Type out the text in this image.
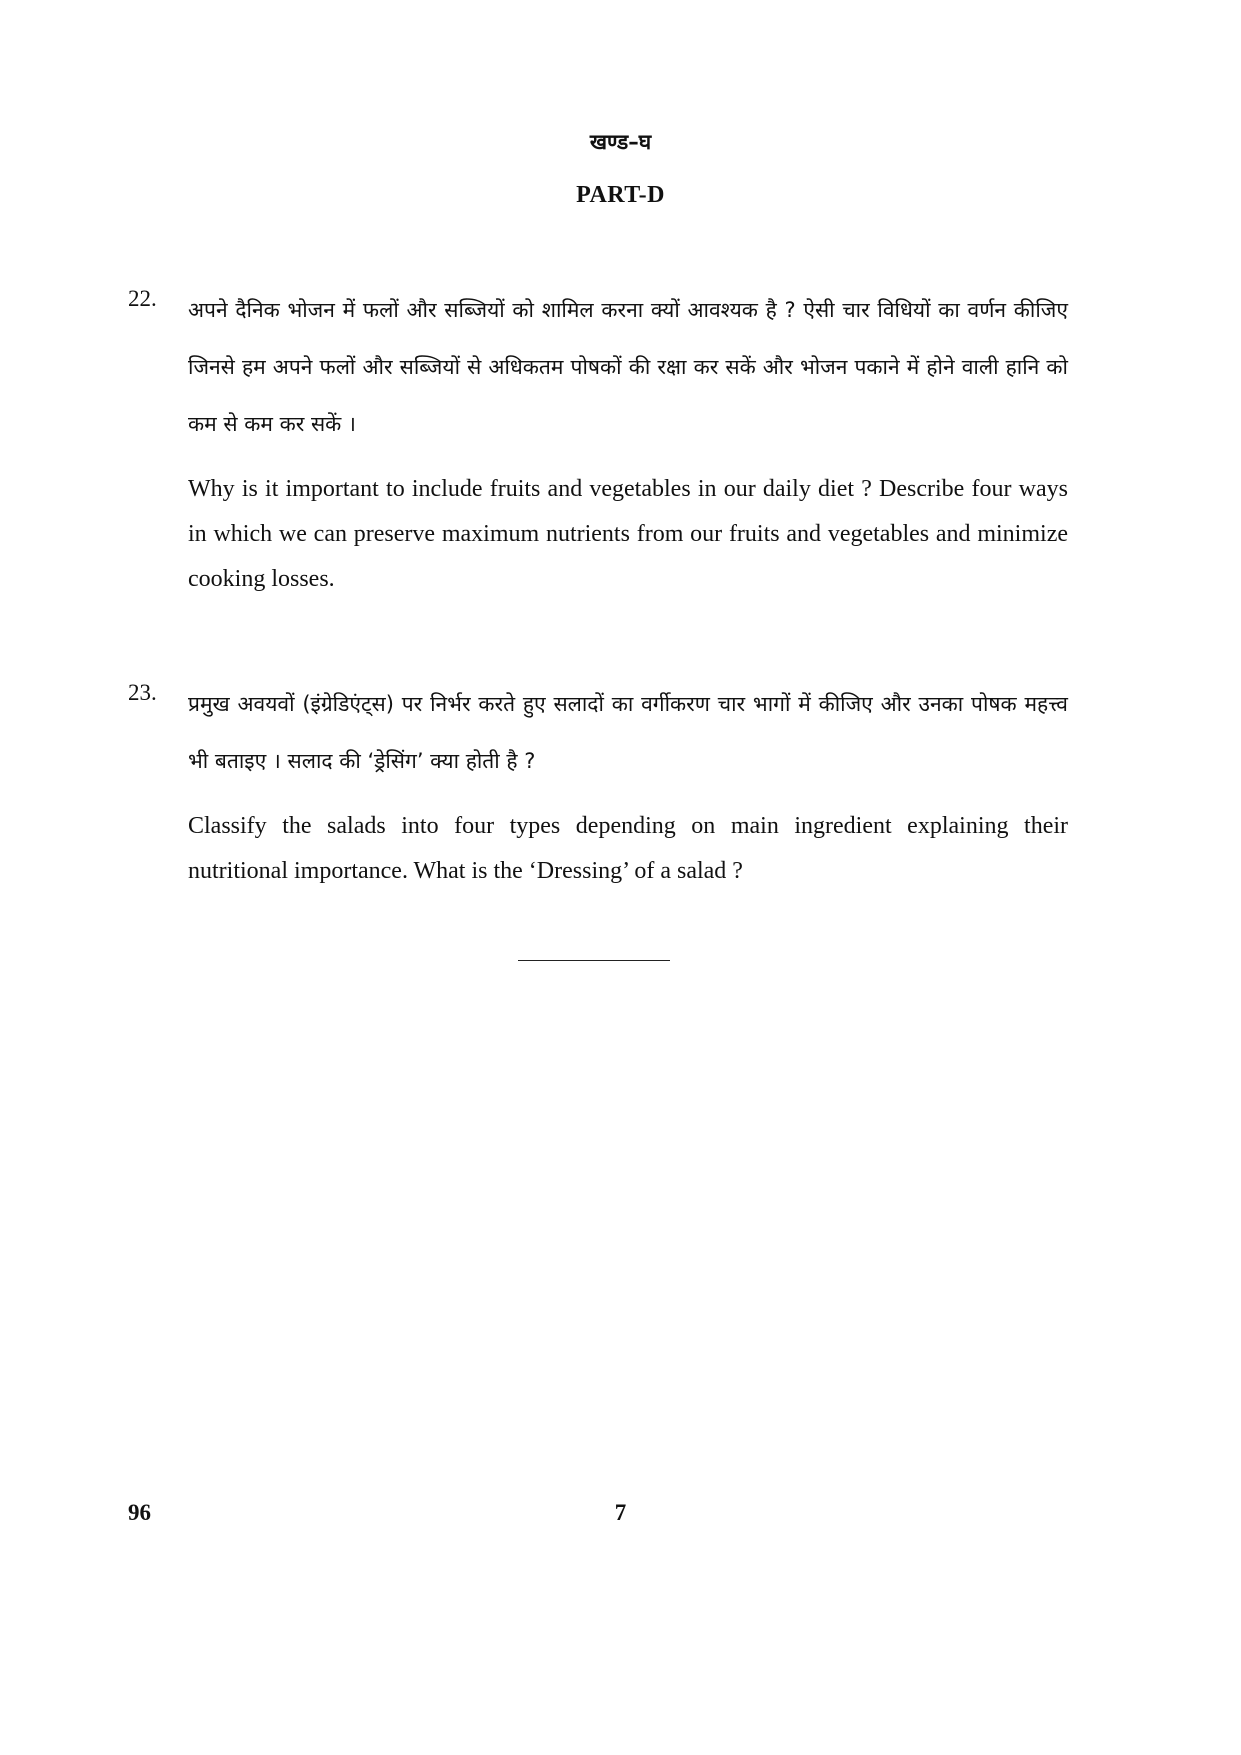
खण्ड–घ
PART-D
22. अपने दैनिक भोजन में फलों और सब्जियों को शामिल करना क्यों आवश्यक है ? ऐसी चार विधियों का वर्णन कीजिए जिनसे हम अपने फलों और सब्जियों से अधिकतम पोषकों की रक्षा कर सकें और भोजन पकाने में होने वाली हानि को कम से कम कर सकें ।

Why is it important to include fruits and vegetables in our daily diet ? Describe four ways in which we can preserve maximum nutrients from our fruits and vegetables and minimize cooking losses.

23. प्रमुख अवयवों (इंग्रेडिएंट्स) पर निर्भर करते हुए सलादों का वर्गीकरण चार भागों में कीजिए और उनका पोषक महत्त्व भी बताइए । सलाद की ‘ड्रेसिंग’ क्या होती है ?

Classify the salads into four types depending on main ingredient explaining their nutritional importance. What is the ‘Dressing’ of a salad ?

96	7
